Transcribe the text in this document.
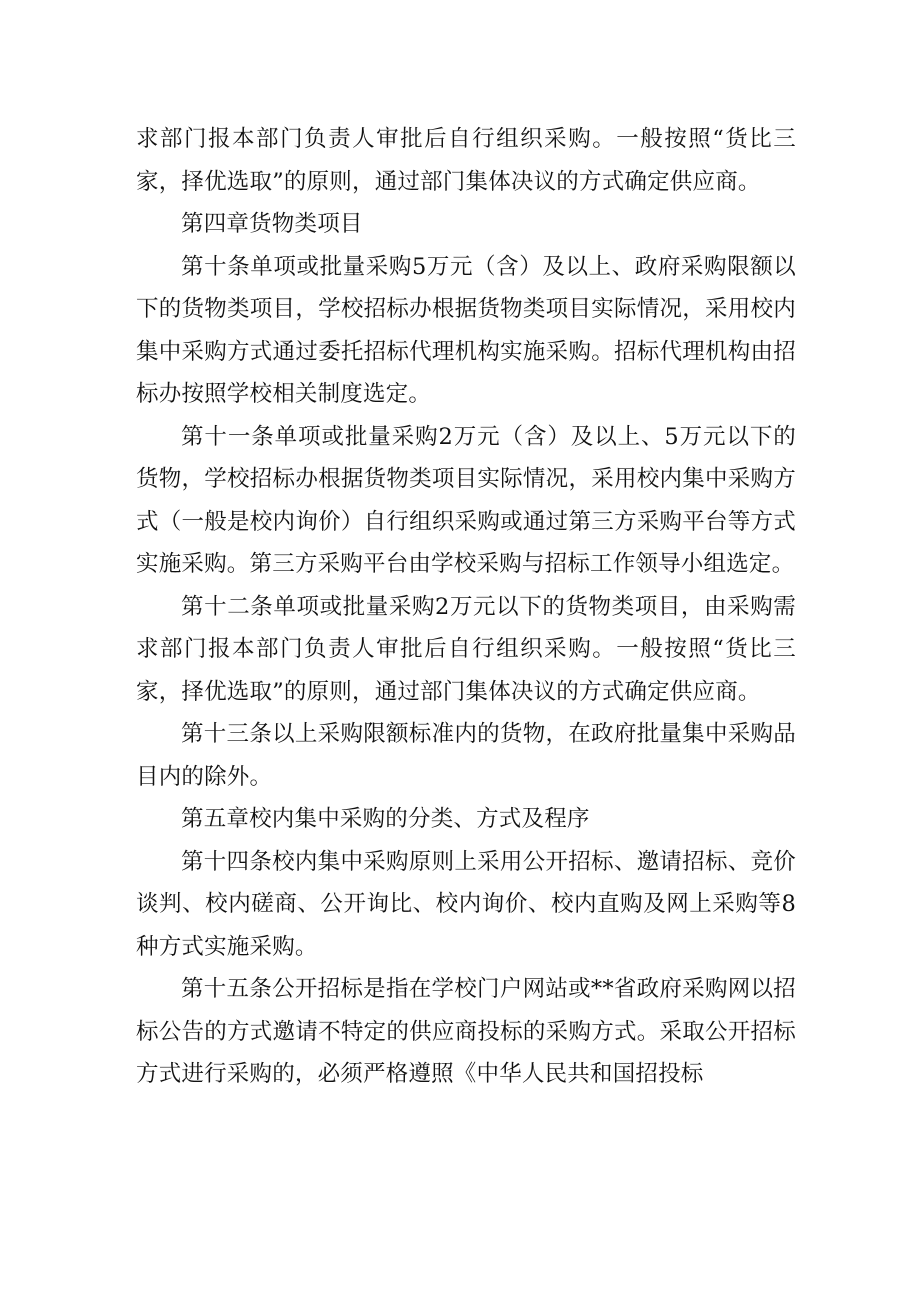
求部门报本部门负责人审批后自行组织采购。一般按照“货比三家，择优选取”的原则，通过部门集体决议的方式确定供应商。

第四章货物类项目

第十条单项或批量采购5万元（含）及以上、政府采购限额以下的货物类项目，学校招标办根据货物类项目实际情况，采用校内集中采购方式通过委托招标代理机构实施采购。招标代理机构由招标办按照学校相关制度选定。

第十一条单项或批量采购2万元（含）及以上、5万元以下的货物，学校招标办根据货物类项目实际情况，采用校内集中采购方式（一般是校内询价）自行组织采购或通过第三方采购平台等方式实施采购。第三方采购平台由学校采购与招标工作领导小组选定。

第十二条单项或批量采购2万元以下的货物类项目，由采购需求部门报本部门负责人审批后自行组织采购。一般按照“货比三家，择优选取”的原则，通过部门集体决议的方式确定供应商。

第十三条以上采购限额标准内的货物，在政府批量集中采购品目内的除外。

第五章校内集中采购的分类、方式及程序

第十四条校内集中采购原则上采用公开招标、邀请招标、竞价谈判、校内磋商、公开询比、校内询价、校内直购及网上采购等8种方式实施采购。

第十五条公开招标是指在学校门户网站或**省政府采购网以招标公告的方式邀请不特定的供应商投标的采购方式。采取公开招标方式进行采购的，必须严格遵照《中华人民共和国招投标
